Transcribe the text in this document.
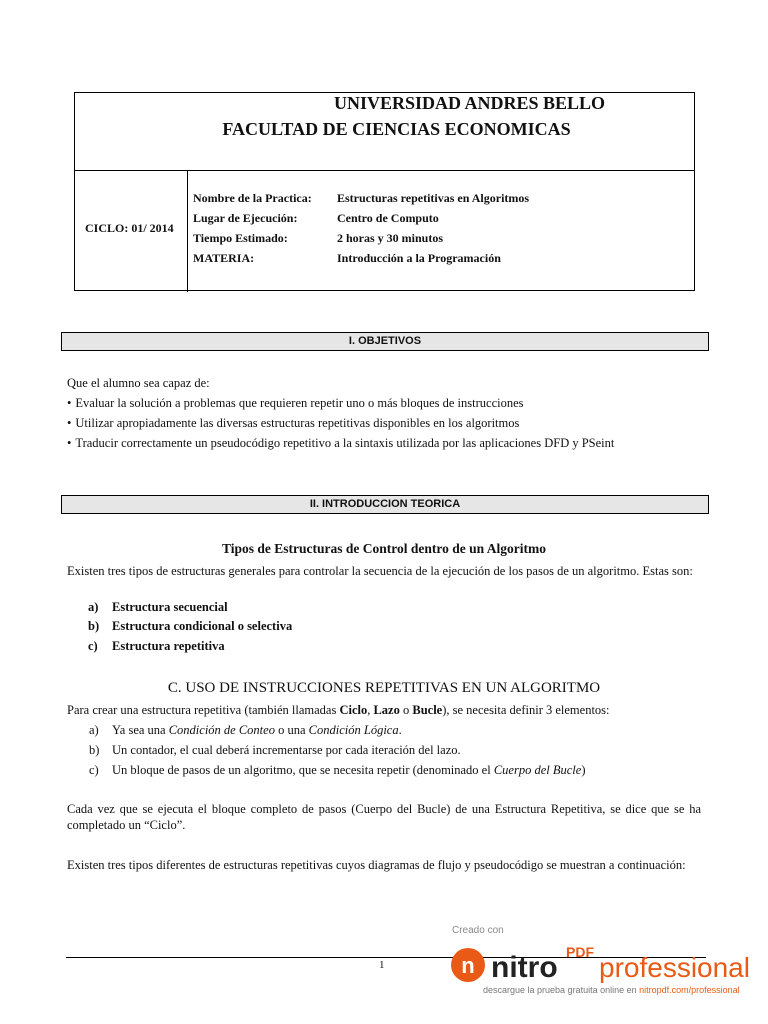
UNIVERSIDAD ANDRES BELLO
FACULTAD DE CIENCIAS ECONOMICAS
CICLO: 01/ 2014
Nombre de la Practica: Estructuras repetitivas en Algoritmos
Lugar de Ejecución:	Centro de Computo
Tiempo Estimado:	2 horas y 30 minutos
MATERIA:	Introducción a la Programación
I. OBJETIVOS
Que el alumno sea capaz de:
• Evaluar la solución a problemas que requieren repetir uno o más bloques de instrucciones
• Utilizar apropiadamente las diversas estructuras repetitivas disponibles en los algoritmos
• Traducir correctamente un pseudocódigo repetitivo a la sintaxis utilizada por las aplicaciones DFD y PSeint
II. INTRODUCCION TEORICA
Tipos de Estructuras de Control dentro de un Algoritmo
Existen tres tipos de estructuras generales para controlar la secuencia de la ejecución de los pasos de un algoritmo. Estas son:
a) Estructura secuencial
b) Estructura condicional o selectiva
c) Estructura repetitiva
C. USO DE INSTRUCCIONES REPETITIVAS EN UN ALGORITMO
Para crear una estructura repetitiva (también llamadas Ciclo, Lazo o Bucle), se necesita definir 3 elementos:
a) Ya sea una Condición de Conteo o una Condición Lógica.
b) Un contador, el cual deberá incrementarse por cada iteración del lazo.
c) Un bloque de pasos de un algoritmo, que se necesita repetir (denominado el Cuerpo del Bucle)
Cada vez que se ejecuta el bloque completo de pasos (Cuerpo del Bucle) de una Estructura Repetitiva, se dice que se ha completado un “Ciclo”.
Existen tres tipos diferentes de estructuras repetitivas cuyos diagramas de flujo y pseudocódigo se muestran a continuación:
1
Creado con
n nitro PDF professional
descargue la prueba gratuita online en nitropdf.com/professional
